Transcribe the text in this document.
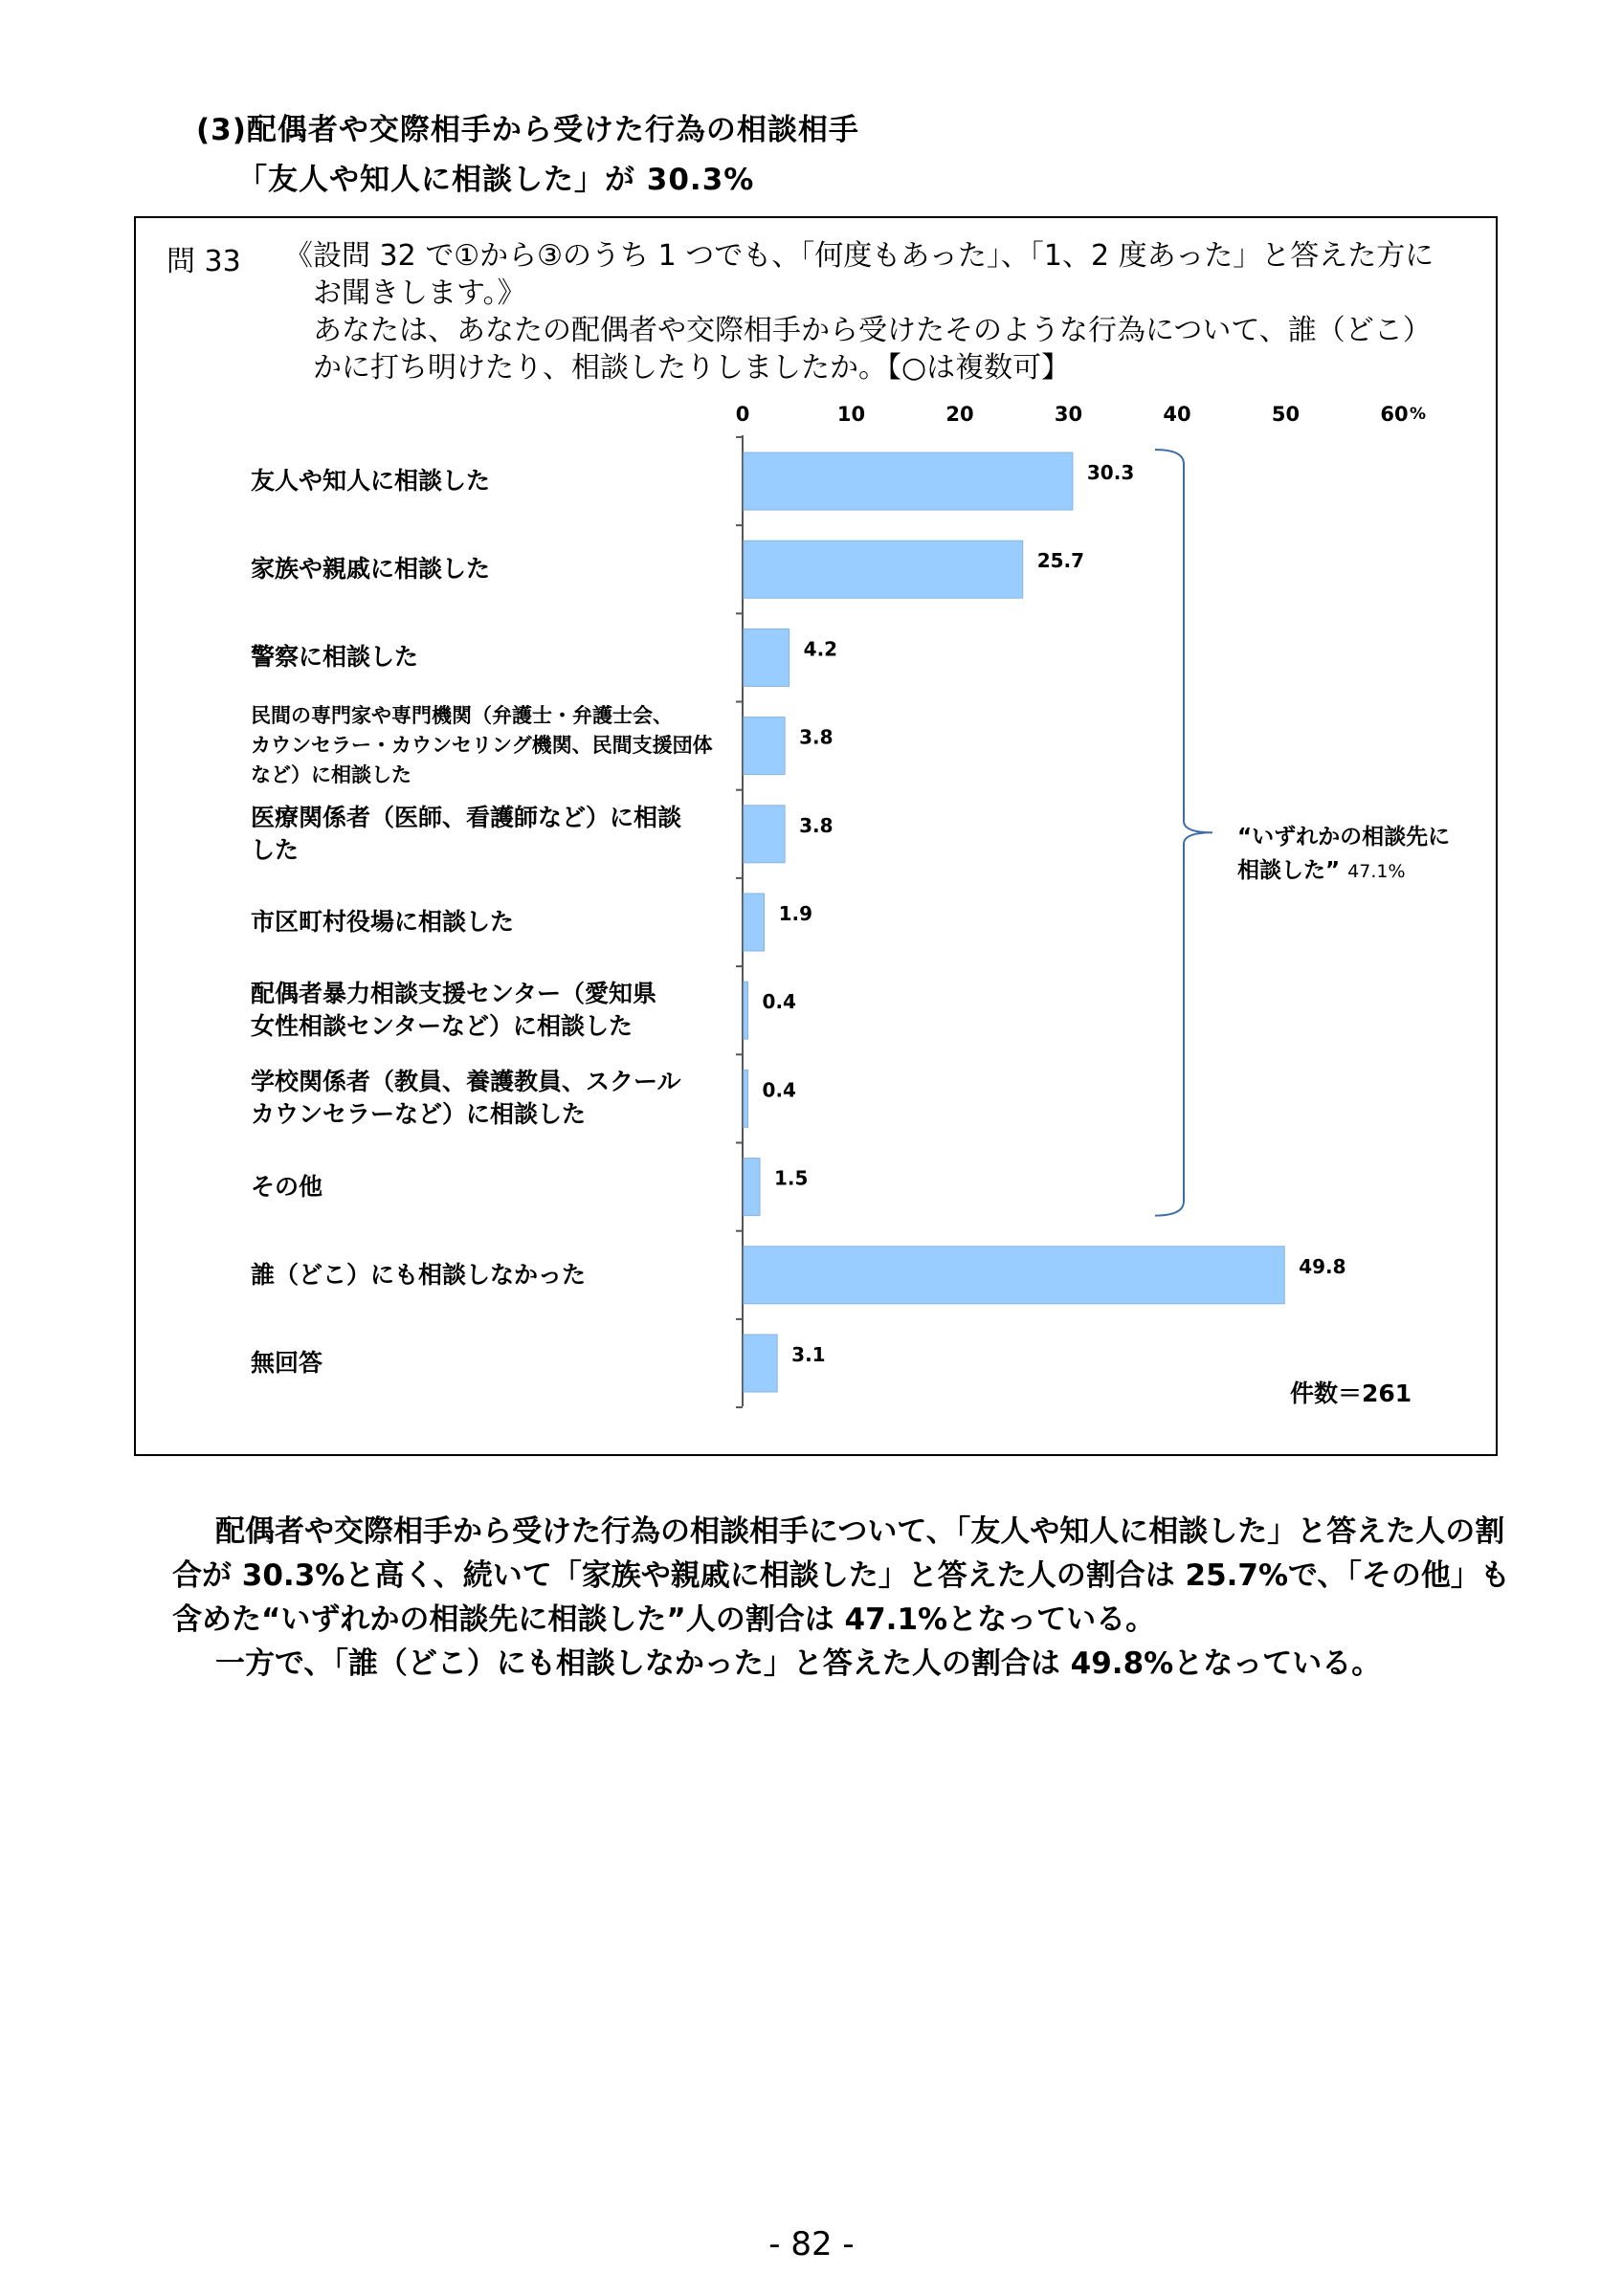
(3)配偶者や交際相手から受けた行為の相談相手
「友人や知人に相談した」が 30.3%
問 33 《設問 32 で①から③のうち 1 つでも、「何度もあった」、「1、2 度あった」と答えた方に
お聞きします。》
あなたは、あなたの配偶者や交際相手から受けたそのような行為について、誰（どこ）
かに打ち明けたり、相談したりしましたか。【○は複数可】
友人や知人に相談した
家族や親戚に相談した
警察に相談した
民間の専門家や専門機関（弁護士・弁護士会、
カウンセラー・カウンセリング機関、民間支援団体
など）に相談した
医療関係者（医師、看護師など）に相談
した
市区町村役場に相談した
配偶者暴力相談支援センター（愛知県
女性相談センターなど）に相談した
学校関係者（教員、養護教員、スクール
カウンセラーなど）に相談した
その他
誰（どこ）にも相談しなかった
無回答
0	10	20	30	40	50	60 %
30.3
25.7
4.2
3.8
3.8
1.9
0.4
0.4
1.5
49.8
3.1
“いずれかの相談先に
相談した” 47.1%
件数＝261

配偶者や交際相手から受けた行為の相談相手について、「友人や知人に相談した」と答えた人の割合が 30.3%と高く、続いて「家族や親戚に相談した」と答えた人の割合は 25.7%で、「その他」も含めた“いずれかの相談先に相談した”人の割合は 47.1%となっている。

一方で、「誰（どこ）にも相談しなかった」と答えた人の割合は 49.8%となっている。

- 82 -
